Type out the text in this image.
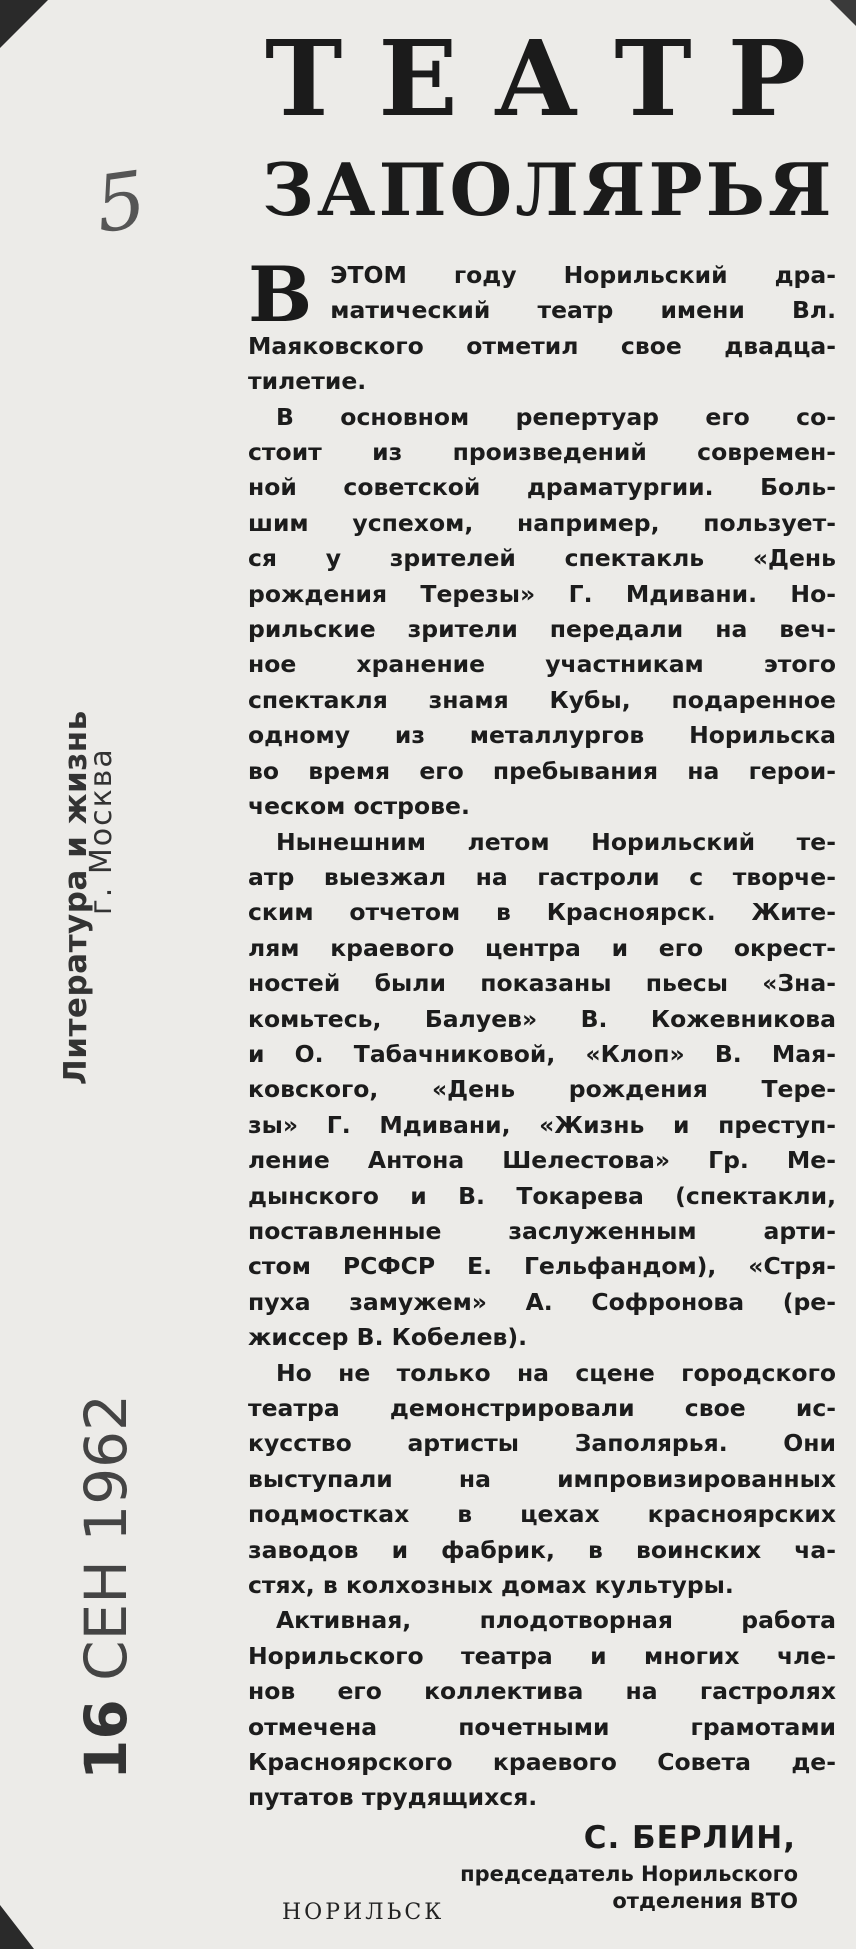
5
Литература и жизнь
г. Москва
16 СЕН 1962
ТЕАТР
ЗАПОЛЯРЬЯ
В ЭТОМ году Норильский дра-
матический театр имени Вл.
Маяковского отметил свое двадца-
тилетие.
В основном репертуар его со-
стоит из произведений современ-
ной советской драматургии. Боль-
шим успехом, например, пользует-
ся у зрителей спектакль «День
рождения Терезы» Г. Мдивани. Но-
рильские зрители передали на веч-
ное хранение участникам этого
спектакля знамя Кубы, подаренное
одному из металлургов Норильска
во время его пребывания на герои-
ческом острове.
Нынешним летом Норильский те-
атр выезжал на гастроли с творче-
ским отчетом в Красноярск. Жите-
лям краевого центра и его окрест-
ностей были показаны пьесы «Зна-
комьтесь, Балуев» В. Кожевникова
и О. Табачниковой, «Клоп» В. Мая-
ковского, «День рождения Тере-
зы» Г. Мдивани, «Жизнь и преступ-
ление Антона Шелестова» Гр. Ме-
дынского и В. Токарева (спектакли,
поставленные заслуженным арти-
стом РСФСР Е. Гельфандом), «Стря-
пуха замужем» А. Софронова (ре-
жиссер В. Кобелев).
Но не только на сцене городского
театра демонстрировали свое ис-
кусство артисты Заполярья. Они
выступали на импровизированных
подмостках в цехах красноярских
заводов и фабрик, в воинских ча-
стях, в колхозных домах культуры.
Активная, плодотворная работа
Норильского театра и многих чле-
нов его коллектива на гастролях
отмечена почетными грамотами
Красноярского краевого Совета де-
путатов трудящихся.
С. БЕРЛИН,
председатель Норильского
отделения ВТО
НОРИЛЬСК
